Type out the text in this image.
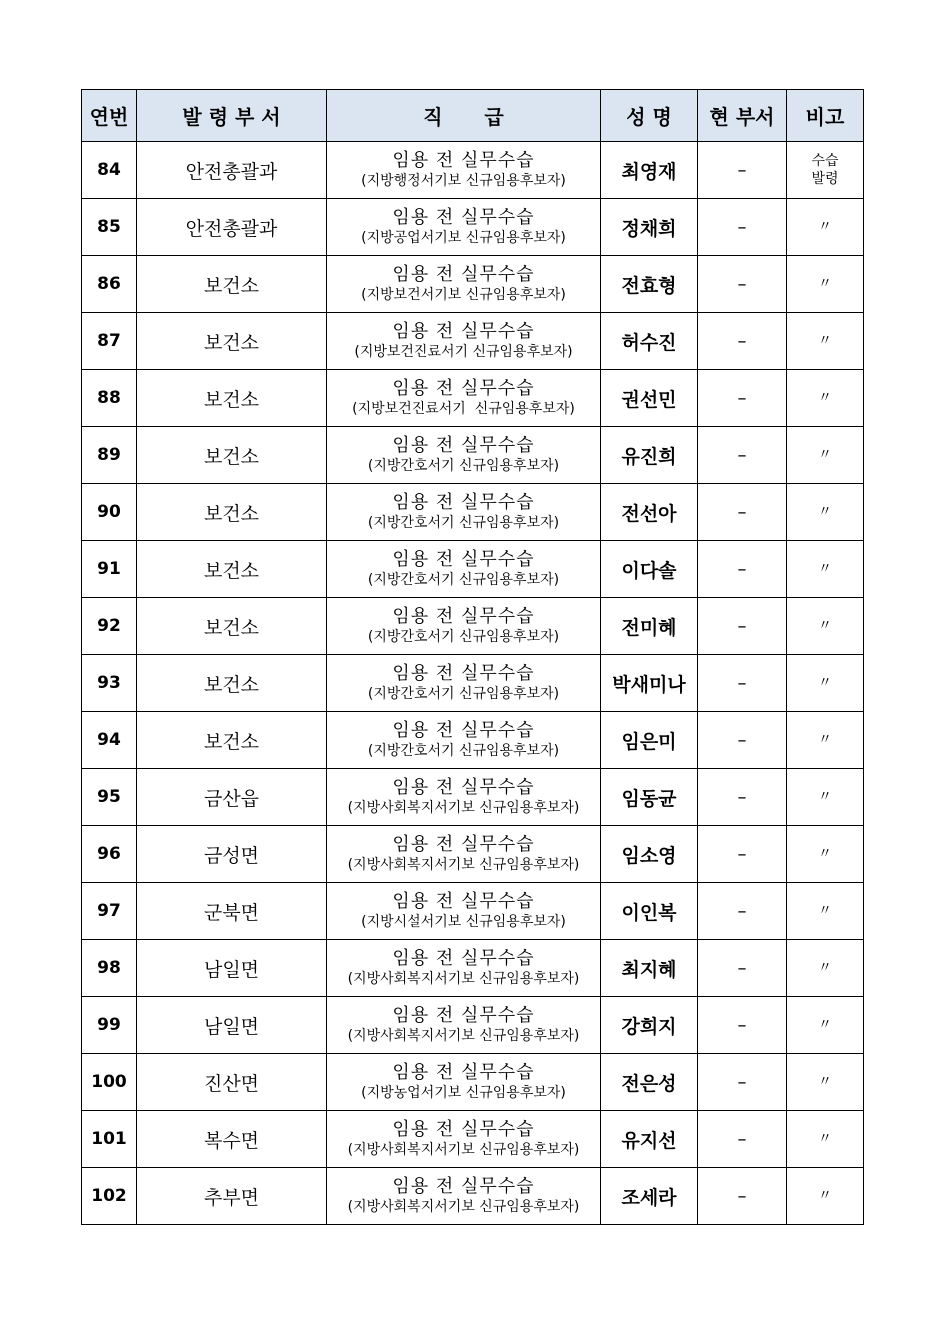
연번	발 령 부 서	직      급	성 명	현 부서	비고
84	안전총괄과	임용 전 실무수습
(지방행정서기보 신규임용후보자)	최영재	–	수습
발령
85	안전총괄과	임용 전 실무수습
(지방공업서기보 신규임용후보자)	정채희	–	〃
86	보건소	임용 전 실무수습
(지방보건서기보 신규임용후보자)	전효형	–	〃
87	보건소	임용 전 실무수습
(지방보건진료서기 신규임용후보자)	허수진	–	〃
88	보건소	임용 전 실무수습
(지방보건진료서기  신규임용후보자)	권선민	–	〃
89	보건소	임용 전 실무수습
(지방간호서기 신규임용후보자)	유진희	–	〃
90	보건소	임용 전 실무수습
(지방간호서기 신규임용후보자)	전선아	–	〃
91	보건소	임용 전 실무수습
(지방간호서기 신규임용후보자)	이다솔	–	〃
92	보건소	임용 전 실무수습
(지방간호서기 신규임용후보자)	전미혜	–	〃
93	보건소	임용 전 실무수습
(지방간호서기 신규임용후보자)	박새미나	–	〃
94	보건소	임용 전 실무수습
(지방간호서기 신규임용후보자)	임은미	–	〃
95	금산읍	임용 전 실무수습
(지방사회복지서기보 신규임용후보자)	임동균	–	〃
96	금성면	임용 전 실무수습
(지방사회복지서기보 신규임용후보자)	임소영	–	〃
97	군북면	임용 전 실무수습
(지방시설서기보 신규임용후보자)	이인복	–	〃
98	남일면	임용 전 실무수습
(지방사회복지서기보 신규임용후보자)	최지혜	–	〃
99	남일면	임용 전 실무수습
(지방사회복지서기보 신규임용후보자)	강희지	–	〃
100	진산면	임용 전 실무수습
(지방농업서기보 신규임용후보자)	전은성	–	〃
101	복수면	임용 전 실무수습
(지방사회복지서기보 신규임용후보자)	유지선	–	〃
102	추부면	임용 전 실무수습
(지방사회복지서기보 신규임용후보자)	조세라	–	〃
